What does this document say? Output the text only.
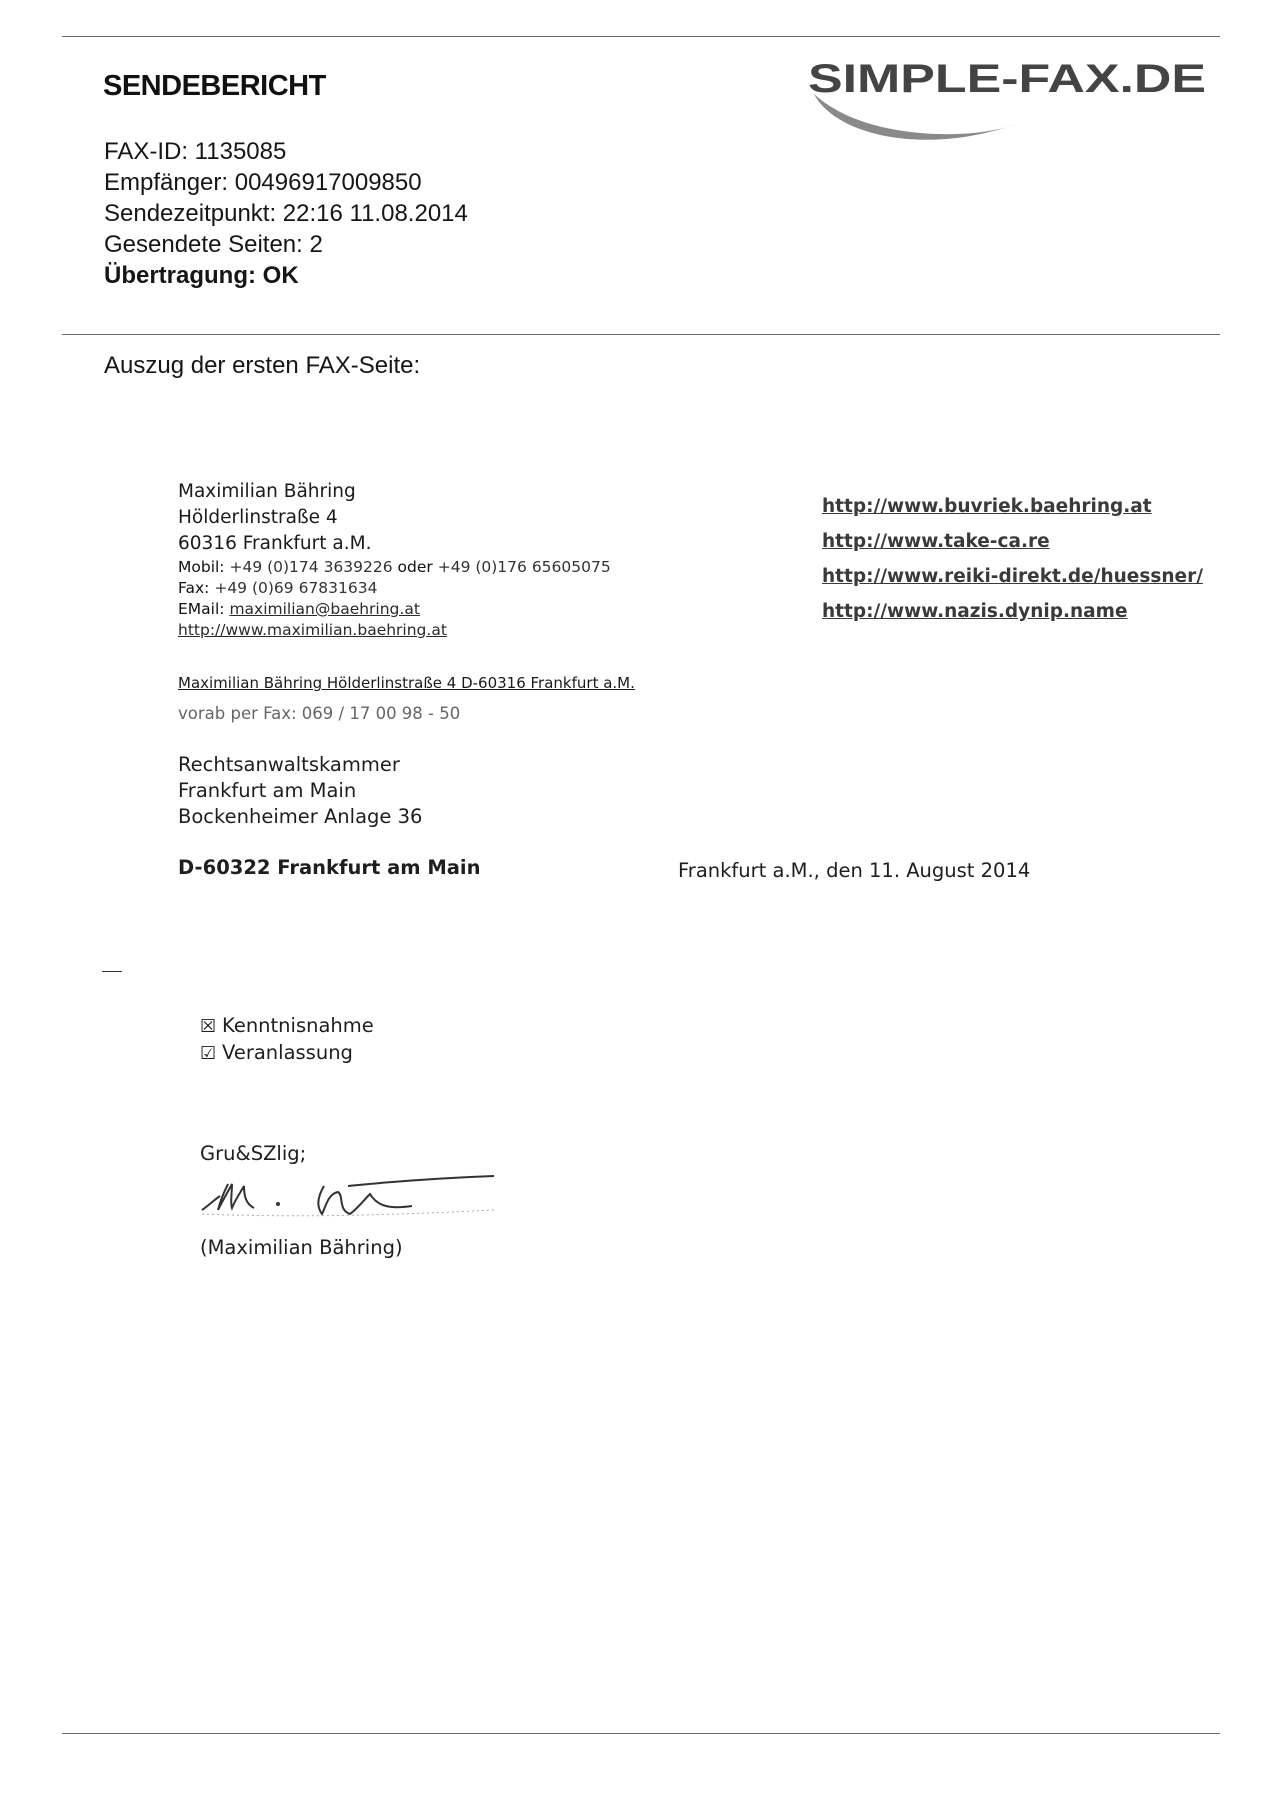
SENDEBERICHT
FAX-ID: 1135085
Empfänger: 00496917009850
Sendezeitpunkt: 22:16 11.08.2014
Gesendete Seiten: 2
Übertragung: OK
SIMPLE-FAX.DE
Auszug der ersten FAX-Seite:
Maximilian Bähring
Hölderlinstraße 4
60316 Frankfurt a.M.
Mobil: +49 (0)174 3639226 oder +49 (0)176 65605075
Fax: +49 (0)69 67831634
EMail: maximilian@baehring.at
http://www.maximilian.baehring.at
http://www.buvriek.baehring.at
http://www.take-ca.re
http://www.reiki-direkt.de/huessner/
http://www.nazis.dynip.name
Maximilian Bähring Hölderlinstraße 4 D-60316 Frankfurt a.M.
vorab per Fax: 069 / 17 00 98 - 50
Rechtsanwaltskammer
Frankfurt am Main
Bockenheimer Anlage 36
D-60322 Frankfurt am Main	Frankfurt a.M., den 11. August 2014
☒ Kenntnisnahme
☑ Veranlassung
Gru&SZlig;
(Maximilian Bähring)
